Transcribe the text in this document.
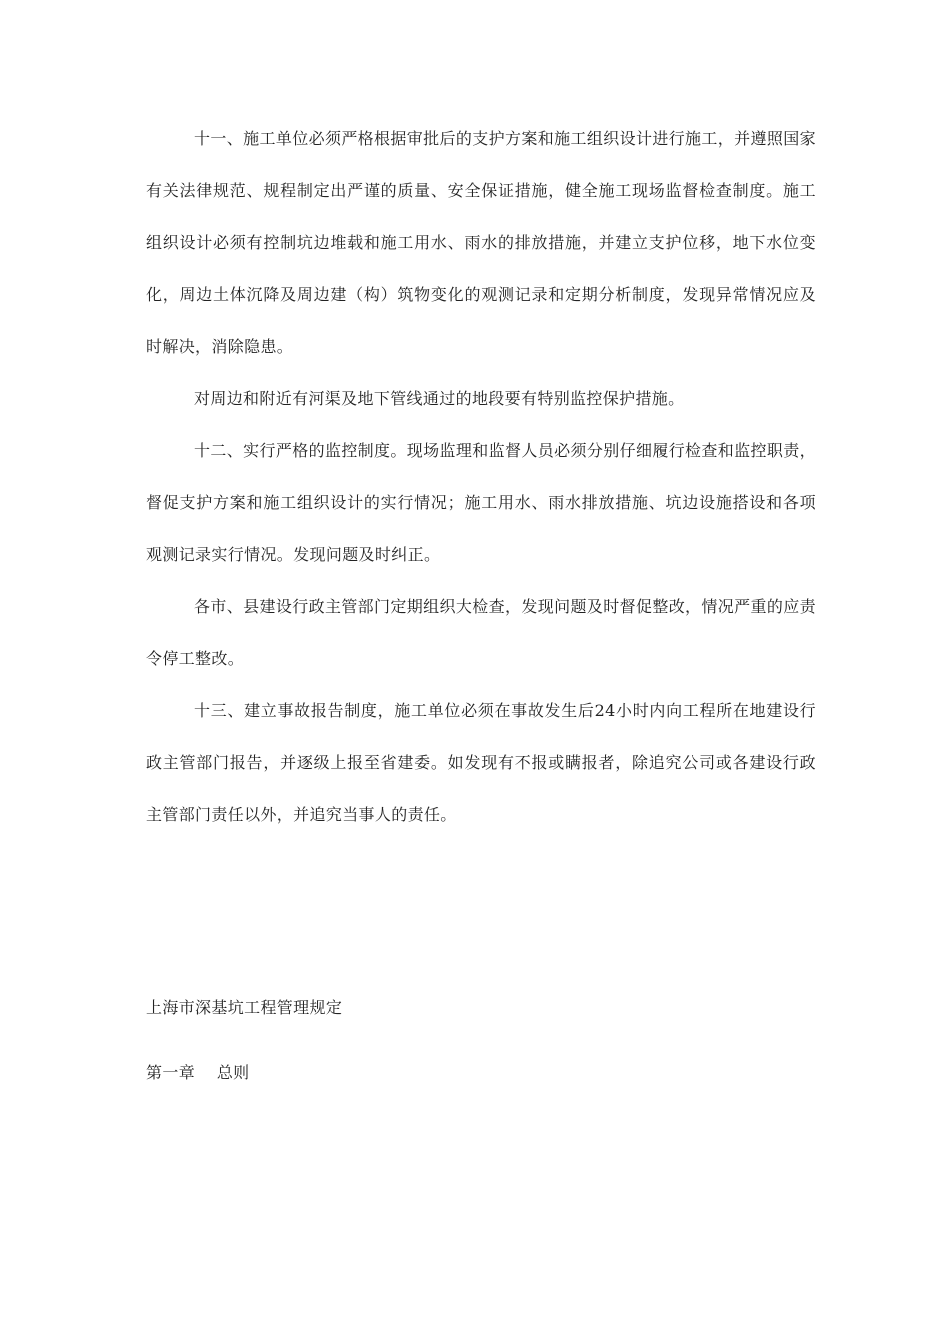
十一、施工单位必须严格根据审批后的支护方案和施工组织设计进行施工，并遵照国家有关法律规范、规程制定出严谨的质量、安全保证措施，健全施工现场监督检查制度。施工组织设计必须有控制坑边堆载和施工用水、雨水的排放措施，并建立支护位移，地下水位变化，周边土体沉降及周边建（构）筑物变化的观测记录和定期分析制度，发现异常情况应及时解决，消除隐患。

对周边和附近有河渠及地下管线通过的地段要有特别监控保护措施。

十二、实行严格的监控制度。现场监理和监督人员必须分别仔细履行检查和监控职责，督促支护方案和施工组织设计的实行情况；施工用水、雨水排放措施、坑边设施搭设和各项观测记录实行情况。发现问题及时纠正。

各市、县建设行政主管部门定期组织大检查，发现问题及时督促整改，情况严重的应责令停工整改。

十三、建立事故报告制度，施工单位必须在事故发生后24小时内向工程所在地建设行政主管部门报告，并逐级上报至省建委。如发现有不报或瞒报者，除追究公司或各建设行政主管部门责任以外，并追究当事人的责任。

上海市深基坑工程管理规定
第一章　 总则
